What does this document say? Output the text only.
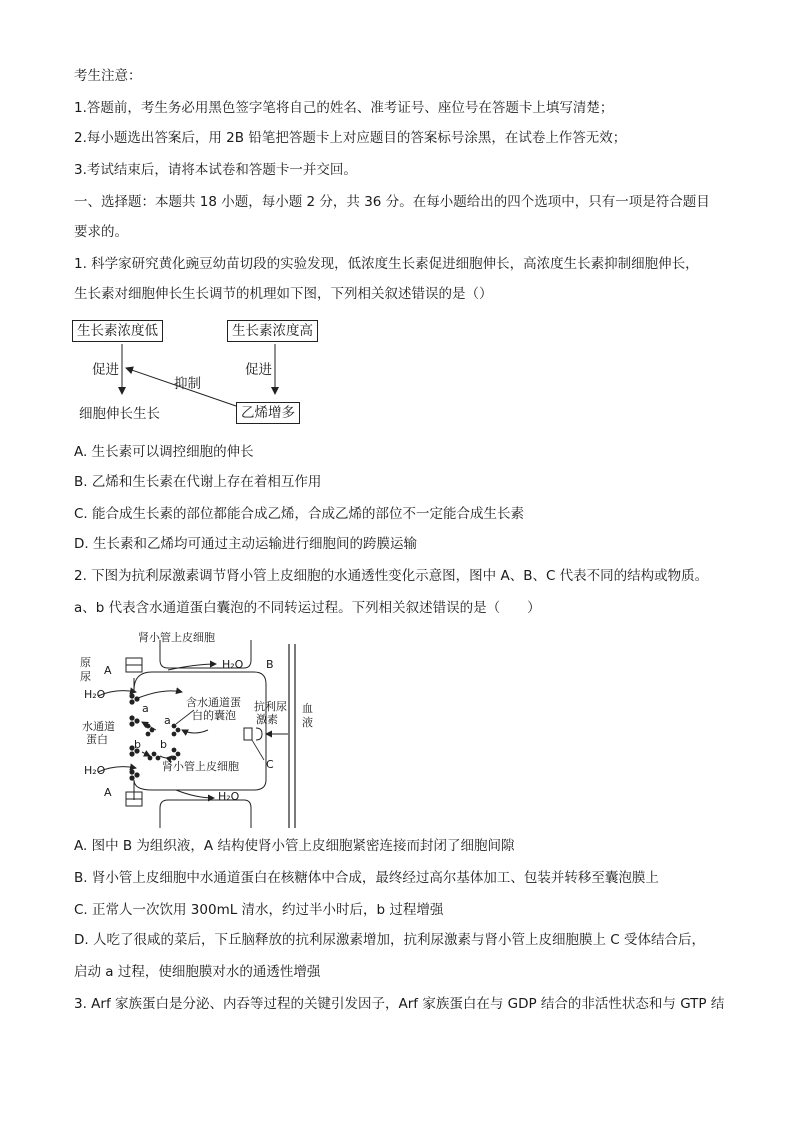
考生注意：
1.答题前，考生务必用黑色签字笔将自己的姓名、准考证号、座位号在答题卡上填写清楚；
2.每小题选出答案后，用 2B 铅笔把答题卡上对应题目的答案标号涂黑，在试卷上作答无效；
3.考试结束后，请将本试卷和答题卡一并交回。
一、选择题：本题共 18 小题，每小题 2 分，共 36 分。在每小题给出的四个选项中，只有一项是符合题目
要求的。
1. 科学家研究黄化豌豆幼苗切段的实验发现，低浓度生长素促进细胞伸长，高浓度生长素抑制细胞伸长，
生长素对细胞伸长生长调节的机理如下图，下列相关叙述错误的是（）
生长素浓度低	生长素浓度高
促进	促进
抑制
细胞伸长生长	乙烯增多
A. 生长素可以调控细胞的伸长
B. 乙烯和生长素在代谢上存在着相互作用
C. 能合成生长素的部位都能合成乙烯，合成乙烯的部位不一定能合成生长素
D. 生长素和乙烯均可通过主动运输进行细胞间的跨膜运输
2. 下图为抗利尿激素调节肾小管上皮细胞的水通透性变化示意图，图中 A、B、C 代表不同的结构或物质。
a、b 代表含水通道蛋白囊泡的不同转运过程。下列相关叙述错误的是（　　）
肾小管上皮细胞
原
尿 A
A
B
C
H₂O
H₂O
H₂O
H₂O
水通道
蛋白
含水通道蛋
白的囊泡
抗利尿
激素
血
液
肾小管上皮细胞
a
a
b b
A. 图中 B 为组织液，A 结构使肾小管上皮细胞紧密连接而封闭了细胞间隙
B. 肾小管上皮细胞中水通道蛋白在核糖体中合成，最终经过高尔基体加工、包装并转移至囊泡膜上
C. 正常人一次饮用 300mL 清水，约过半小时后，b 过程增强
D. 人吃了很咸的菜后，下丘脑释放的抗利尿激素增加，抗利尿激素与肾小管上皮细胞膜上 C 受体结合后，
启动 a 过程，使细胞膜对水的通透性增强
3. Arf 家族蛋白是分泌、内吞等过程的关键引发因子，Arf 家族蛋白在与 GDP 结合的非活性状态和与 GTP 结
